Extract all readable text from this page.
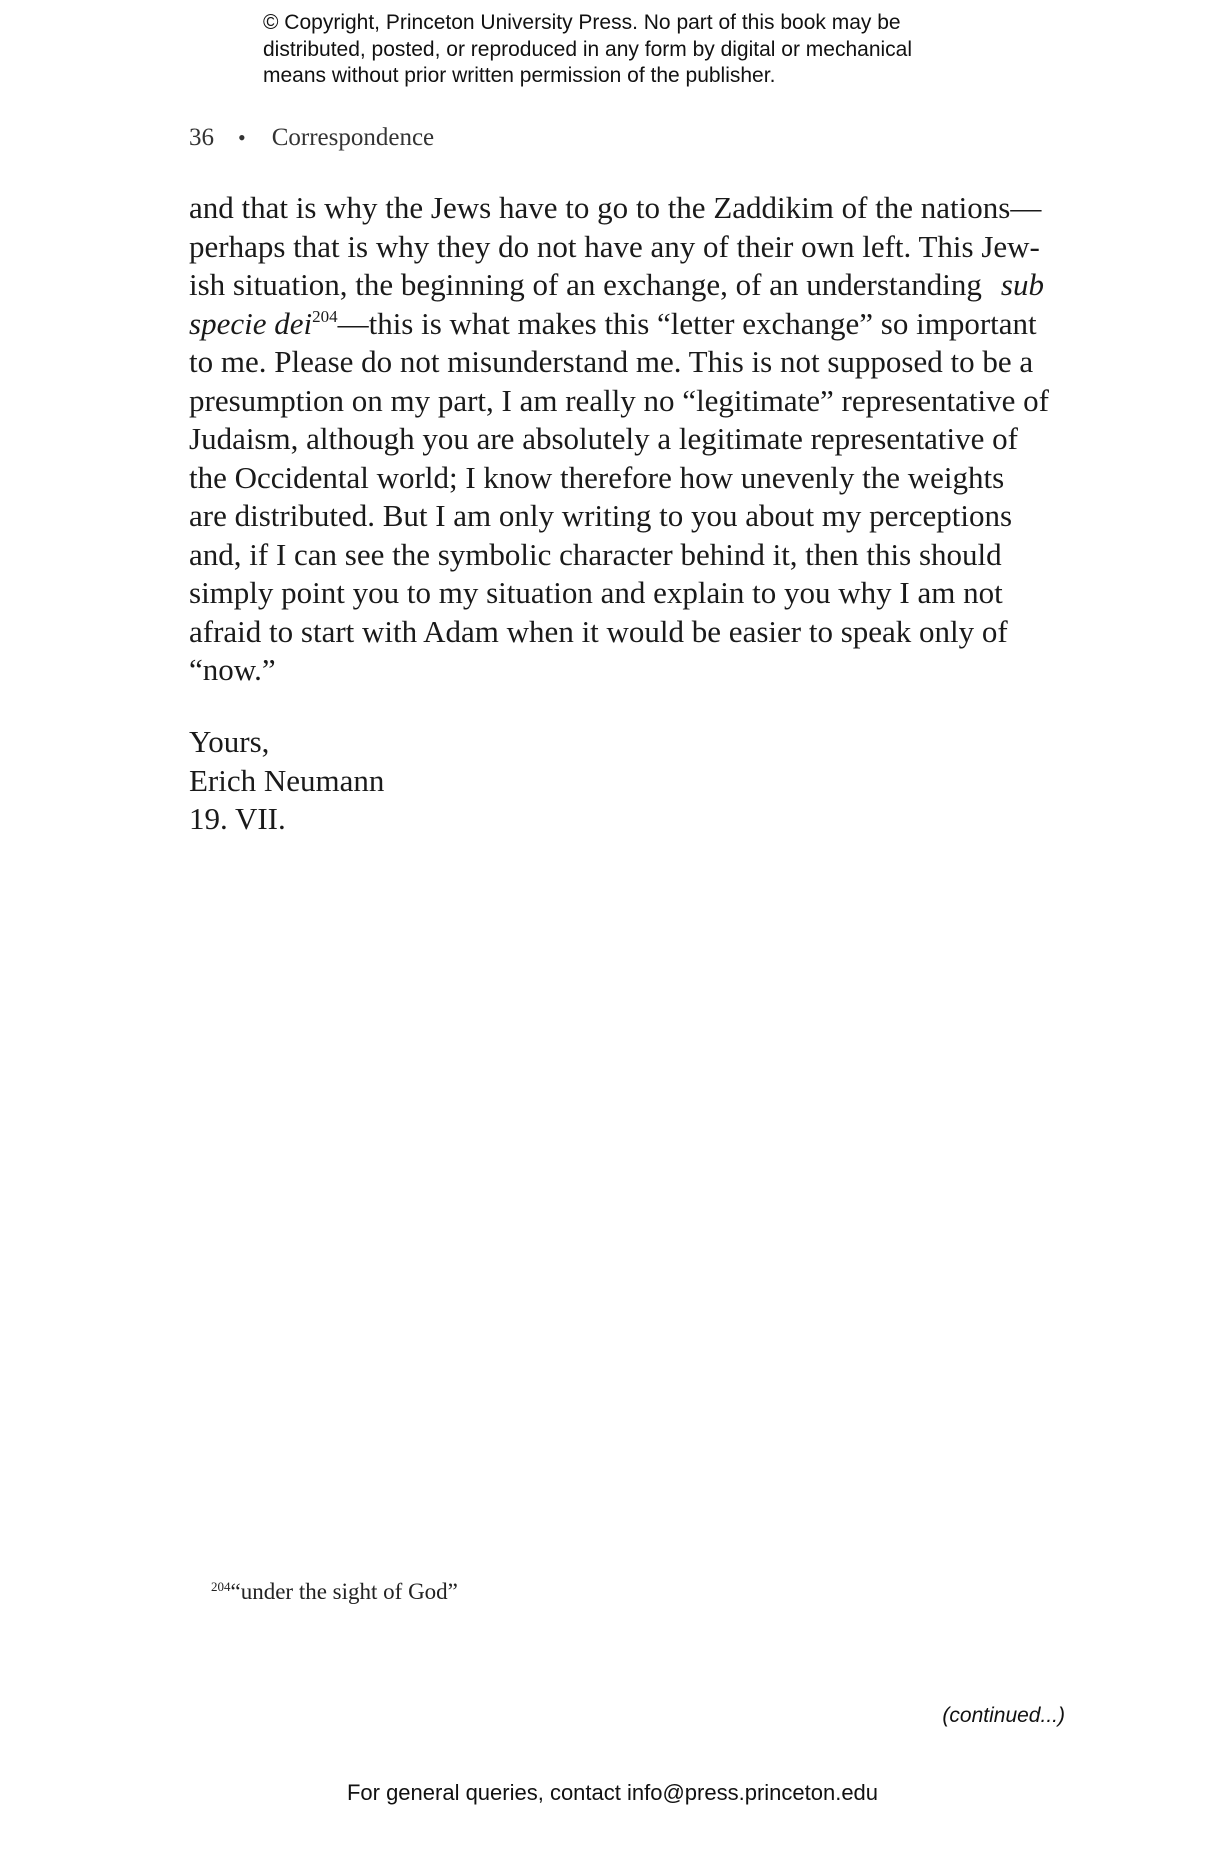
© Copyright, Princeton University Press. No part of this book may be
distributed, posted, or reproduced in any form by digital or mechanical
means without prior written permission of the publisher.
36 • Correspondence
and that is why the Jews have to go to the Zaddikim of the nations—
perhaps that is why they do not have any of their own left. This Jew-
ish situation, the beginning of an exchange, of an understanding sub
specie dei$^{204}$—this is what makes this “letter exchange” so important
to me. Please do not misunderstand me. This is not supposed to be a
presumption on my part, I am really no “legitimate” representative of
Judaism, although you are absolutely a legitimate representative of
the Occidental world; I know therefore how unevenly the weights
are distributed. But I am only writing to you about my perceptions
and, if I can see the symbolic character behind it, then this should
simply point you to my situation and explain to you why I am not
afraid to start with Adam when it would be easier to speak only of
“now.”
Yours,
Erich Neumann
19. VII.
$^{204}$“under the sight of God”
(continued...)
For general queries, contact info@press.princeton.edu
